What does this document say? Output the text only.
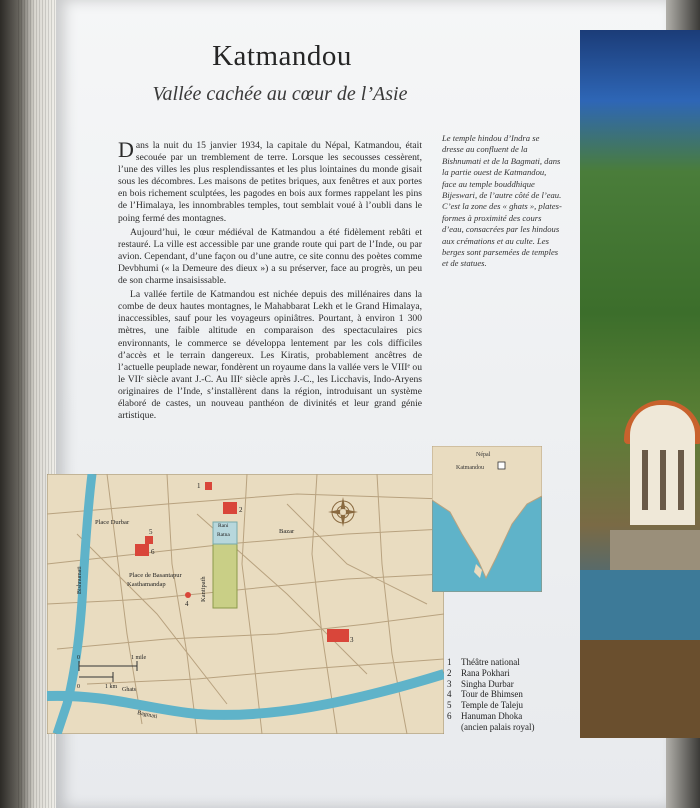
Katmandou
Vallée cachée au cœur de l’Asie

Dans la nuit du 15 janvier 1934, la capitale du Népal, Katmandou, était secouée par un tremblement de terre. Lorsque les secousses cessèrent, l’une des villes les plus resplendissantes et les plus lointaines du monde gisait sous les décombres. Les maisons de petites briques, aux fenêtres et aux portes en bois richement sculptées, les pagodes en bois aux formes rappelant les pins de l’Himalaya, les innombrables temples, tout semblait voué à l’oubli dans le poing fermé des montagnes.

Aujourd’hui, le cœur médiéval de Katmandou a été fidèlement rebâti et restauré. La ville est accessible par une grande route qui part de l’Inde, ou par avion. Cependant, d’une façon ou d’une autre, ce site connu des poètes comme Devbhumi (« la Demeure des dieux ») a su préserver, face au progrès, un peu de son charme insaisissable.

La vallée fertile de Katmandou est nichée depuis des millénaires dans la combe de deux hautes montagnes, le Mahabbarat Lekh et le Grand Himalaya, inaccessibles, sauf pour les voyageurs opiniâtres. Pourtant, à environ 1 300 mètres, une faible altitude en comparaison des spectaculaires pics environnants, le commerce se développa lentement par les cols difficiles d’accès et le terrain dangereux. Les Kiratis, probablement ancêtres de l’actuelle peuplade newar, fondèrent un royaume dans la vallée vers le VIIIᵉ ou le VIIᵉ siècle avant J.-C. Au IIIᵉ siècle après J.-C., les Licchavis, Indo-Aryens originaires de l’Inde, s’installèrent dans la région, introduisant un système élaboré de castes, un nouveau panthéon de divinités et leur grand génie artistique.

Le temple hindou d’Indra se dresse au confluent de la Bishnumati et de la Bagmati, dans la partie ouest de Katmandou, face au temple bouddhique Bijeswari, de l’autre côté de l’eau. C’est la zone des « ghats », plates-formes à proximité des cours d’eau, consacrées par les hindous aux crémations et au culte. Les berges sont parsemées de temples et de statues.
Place Durbar
Place de Basantapur
Kasthamandap
Bazar
Rani
Ratna
Kantipath
Bishnumati
Bagmati
Ghats
1
2
3
4
5
6
0	1 mile
0	1 km
Népal
Katmandou
1	Théâtre national
2	Rana Pokhari
3	Singha Durbar
4	Tour de Bhimsen
5	Temple de Taleju
6	Hanuman Dhoka
(ancien palais royal)
